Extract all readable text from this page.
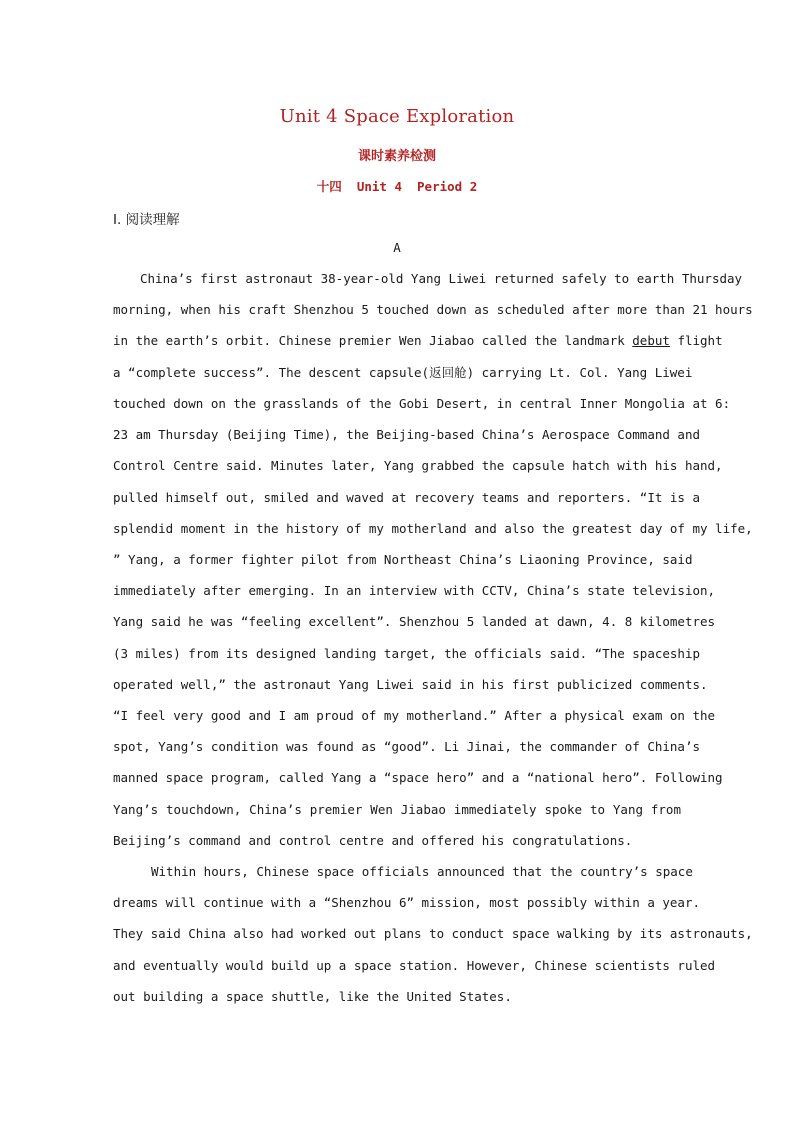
Unit 4 Space Exploration
课时素养检测
十四  Unit 4  Period 2
Ⅰ. 阅读理解
A
China’s first astronaut 38-year-old Yang Liwei returned safely to earth Thursday
morning, when his craft Shenzhou 5 touched down as scheduled after more than 21 hours
in the earth’s orbit. Chinese premier Wen Jiabao called the landmark debut flight
a “complete success”. The descent capsule(返回舱) carrying Lt. Col. Yang Liwei
touched down on the grasslands of the Gobi Desert, in central Inner Mongolia at 6:
23 am Thursday (Beijing Time), the Beijing-based China’s Aerospace Command and
Control Centre said. Minutes later, Yang grabbed the capsule hatch with his hand,
pulled himself out, smiled and waved at recovery teams and reporters. “It is a
splendid moment in the history of my motherland and also the greatest day of my life,
” Yang, a former fighter pilot from Northeast China’s Liaoning Province, said
immediately after emerging. In an interview with CCTV, China’s state television,
Yang said he was “feeling excellent”. Shenzhou 5 landed at dawn, 4. 8 kilometres
(3 miles) from its designed landing target, the officials said. “The spaceship
operated well,” the astronaut Yang Liwei said in his first publicized comments.
“I feel very good and I am proud of my motherland.” After a physical exam on the
spot, Yang’s condition was found as “good”. Li Jinai, the commander of China’s
manned space program, called Yang a “space hero” and a “national hero”. Following
Yang’s touchdown, China’s premier Wen Jiabao immediately spoke to Yang from
Beijing’s command and control centre and offered his congratulations.
Within hours, Chinese space officials announced that the country’s space
dreams will continue with a “Shenzhou 6” mission, most possibly within a year.
They said China also had worked out plans to conduct space walking by its astronauts,
and eventually would build up a space station. However, Chinese scientists ruled
out building a space shuttle, like the United States.
